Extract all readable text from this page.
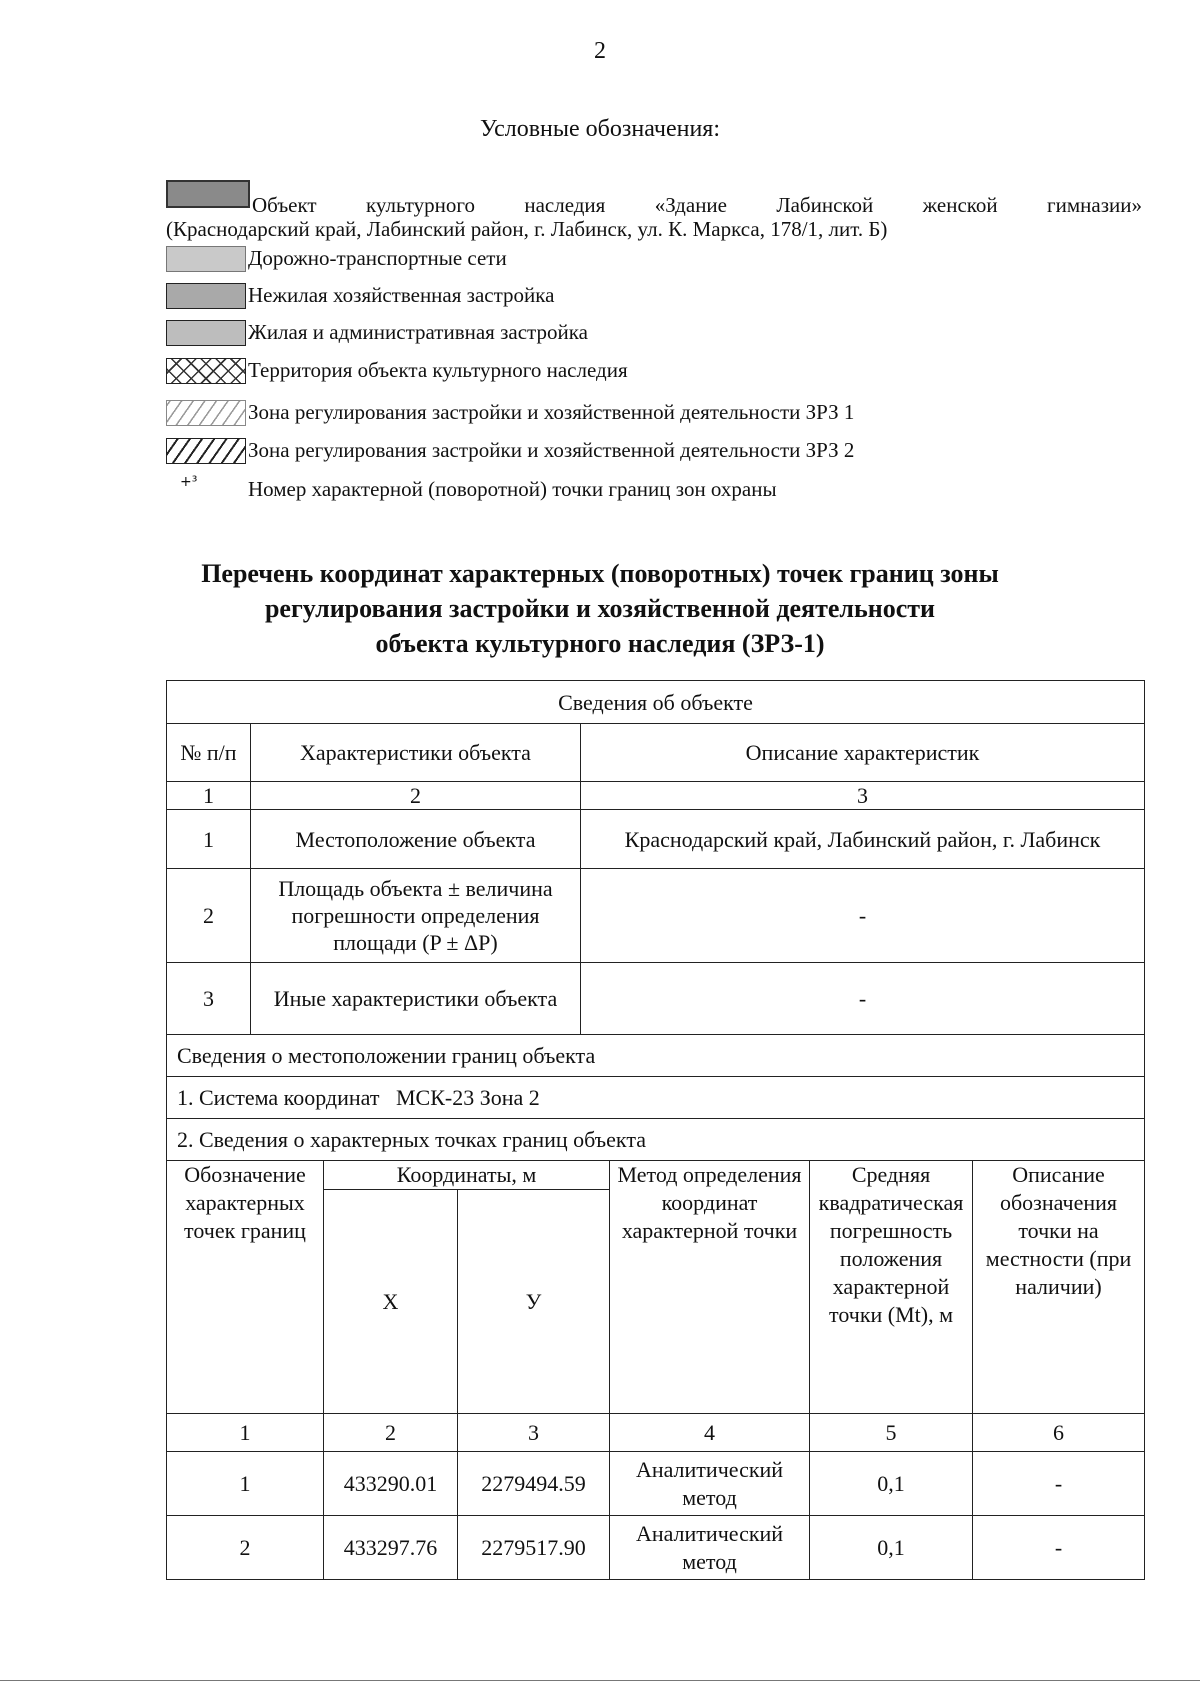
2
Условные обозначения:
Объект культурного наследия «Здание Лабинской женской гимназии»
(Краснодарский край, Лабинский район, г. Лабинск, ул. К. Маркса, 178/1, лит. Б)
Дорожно-транспортные сети
Нежилая хозяйственная застройка
Жилая и административная застройка
Территория объекта культурного наследия
Зона регулирования застройки и хозяйственной деятельности ЗРЗ 1
Зона регулирования застройки и хозяйственной деятельности ЗРЗ 2
+³ Номер характерной (поворотной) точки границ зон охраны
Перечень координат характерных (поворотных) точек границ зоны
регулирования застройки и хозяйственной деятельности
объекта культурного наследия (ЗРЗ-1)
Сведения об объекте		
№ п/п	Характеристики объекта	Описание характеристик
1	2	3
1	Местоположение объекта	Краснодарский край, Лабинский район, г. Лабинск
2	Площадь объекта ± величина погрешности определения площади (P ± ΔP)	-
3	Иные характеристики объекта	-
Сведения о местоположении границ объекта		
1. Система координат   МСК-23 Зона 2		
2. Сведения о характерных точках границ объекта		
Обозначение характерных точек границ	Координаты, м		Метод определения координат характерной точки	Средняя квадратическая погрешность положения характерной точки (Mt), м	Описание обозначения точки на местности (при наличии)
	Х	У			
1	2	3	4	5	6
1	433290.01	2279494.59	Аналитический метод	0,1	-
2	433297.76	2279517.90	Аналитический метод	0,1	-
